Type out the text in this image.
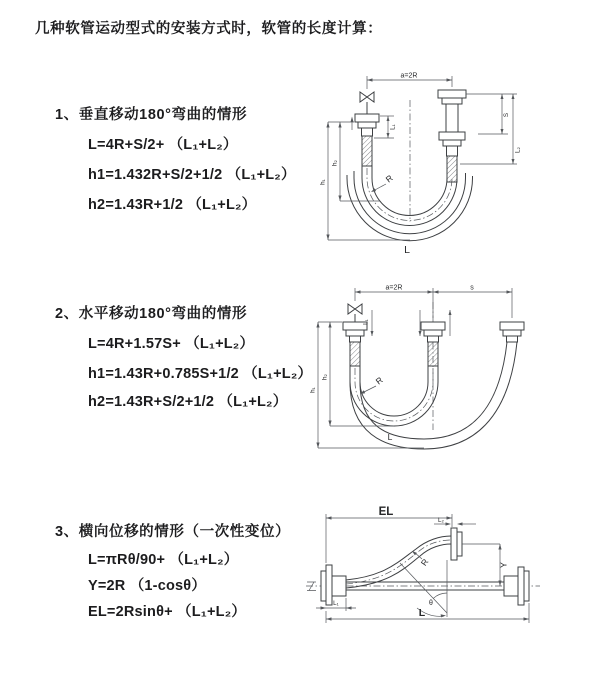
几种软管运动型式的安装方式时，软管的长度计算：
1、垂直移动180°弯曲的情形
L=4R+S/2+ （L₁+L₂）
h1=1.432R+S/2+1/2 （L₁+L₂）
h2=1.43R+1/2 （L₁+L₂）
2、水平移动180°弯曲的情形
L=4R+1.57S+ （L₁+L₂）
h1=1.43R+0.785S+1/2 （L₁+L₂）
h2=1.43R+S/2+1/2 （L₁+L₂）
3、横向位移的情形（一次性变位）
L=πRθ/90+ （L₁+L₂）
Y=2R （1-cosθ）
EL=2Rsinθ+ （L₁+L₂）
a=2R
h₁
h₂
L₁
S
L₂
R
L
a=2R	s
h₁
h₂
L₁
R
L
EL
L₂
Y
R
θ
L₁
L
